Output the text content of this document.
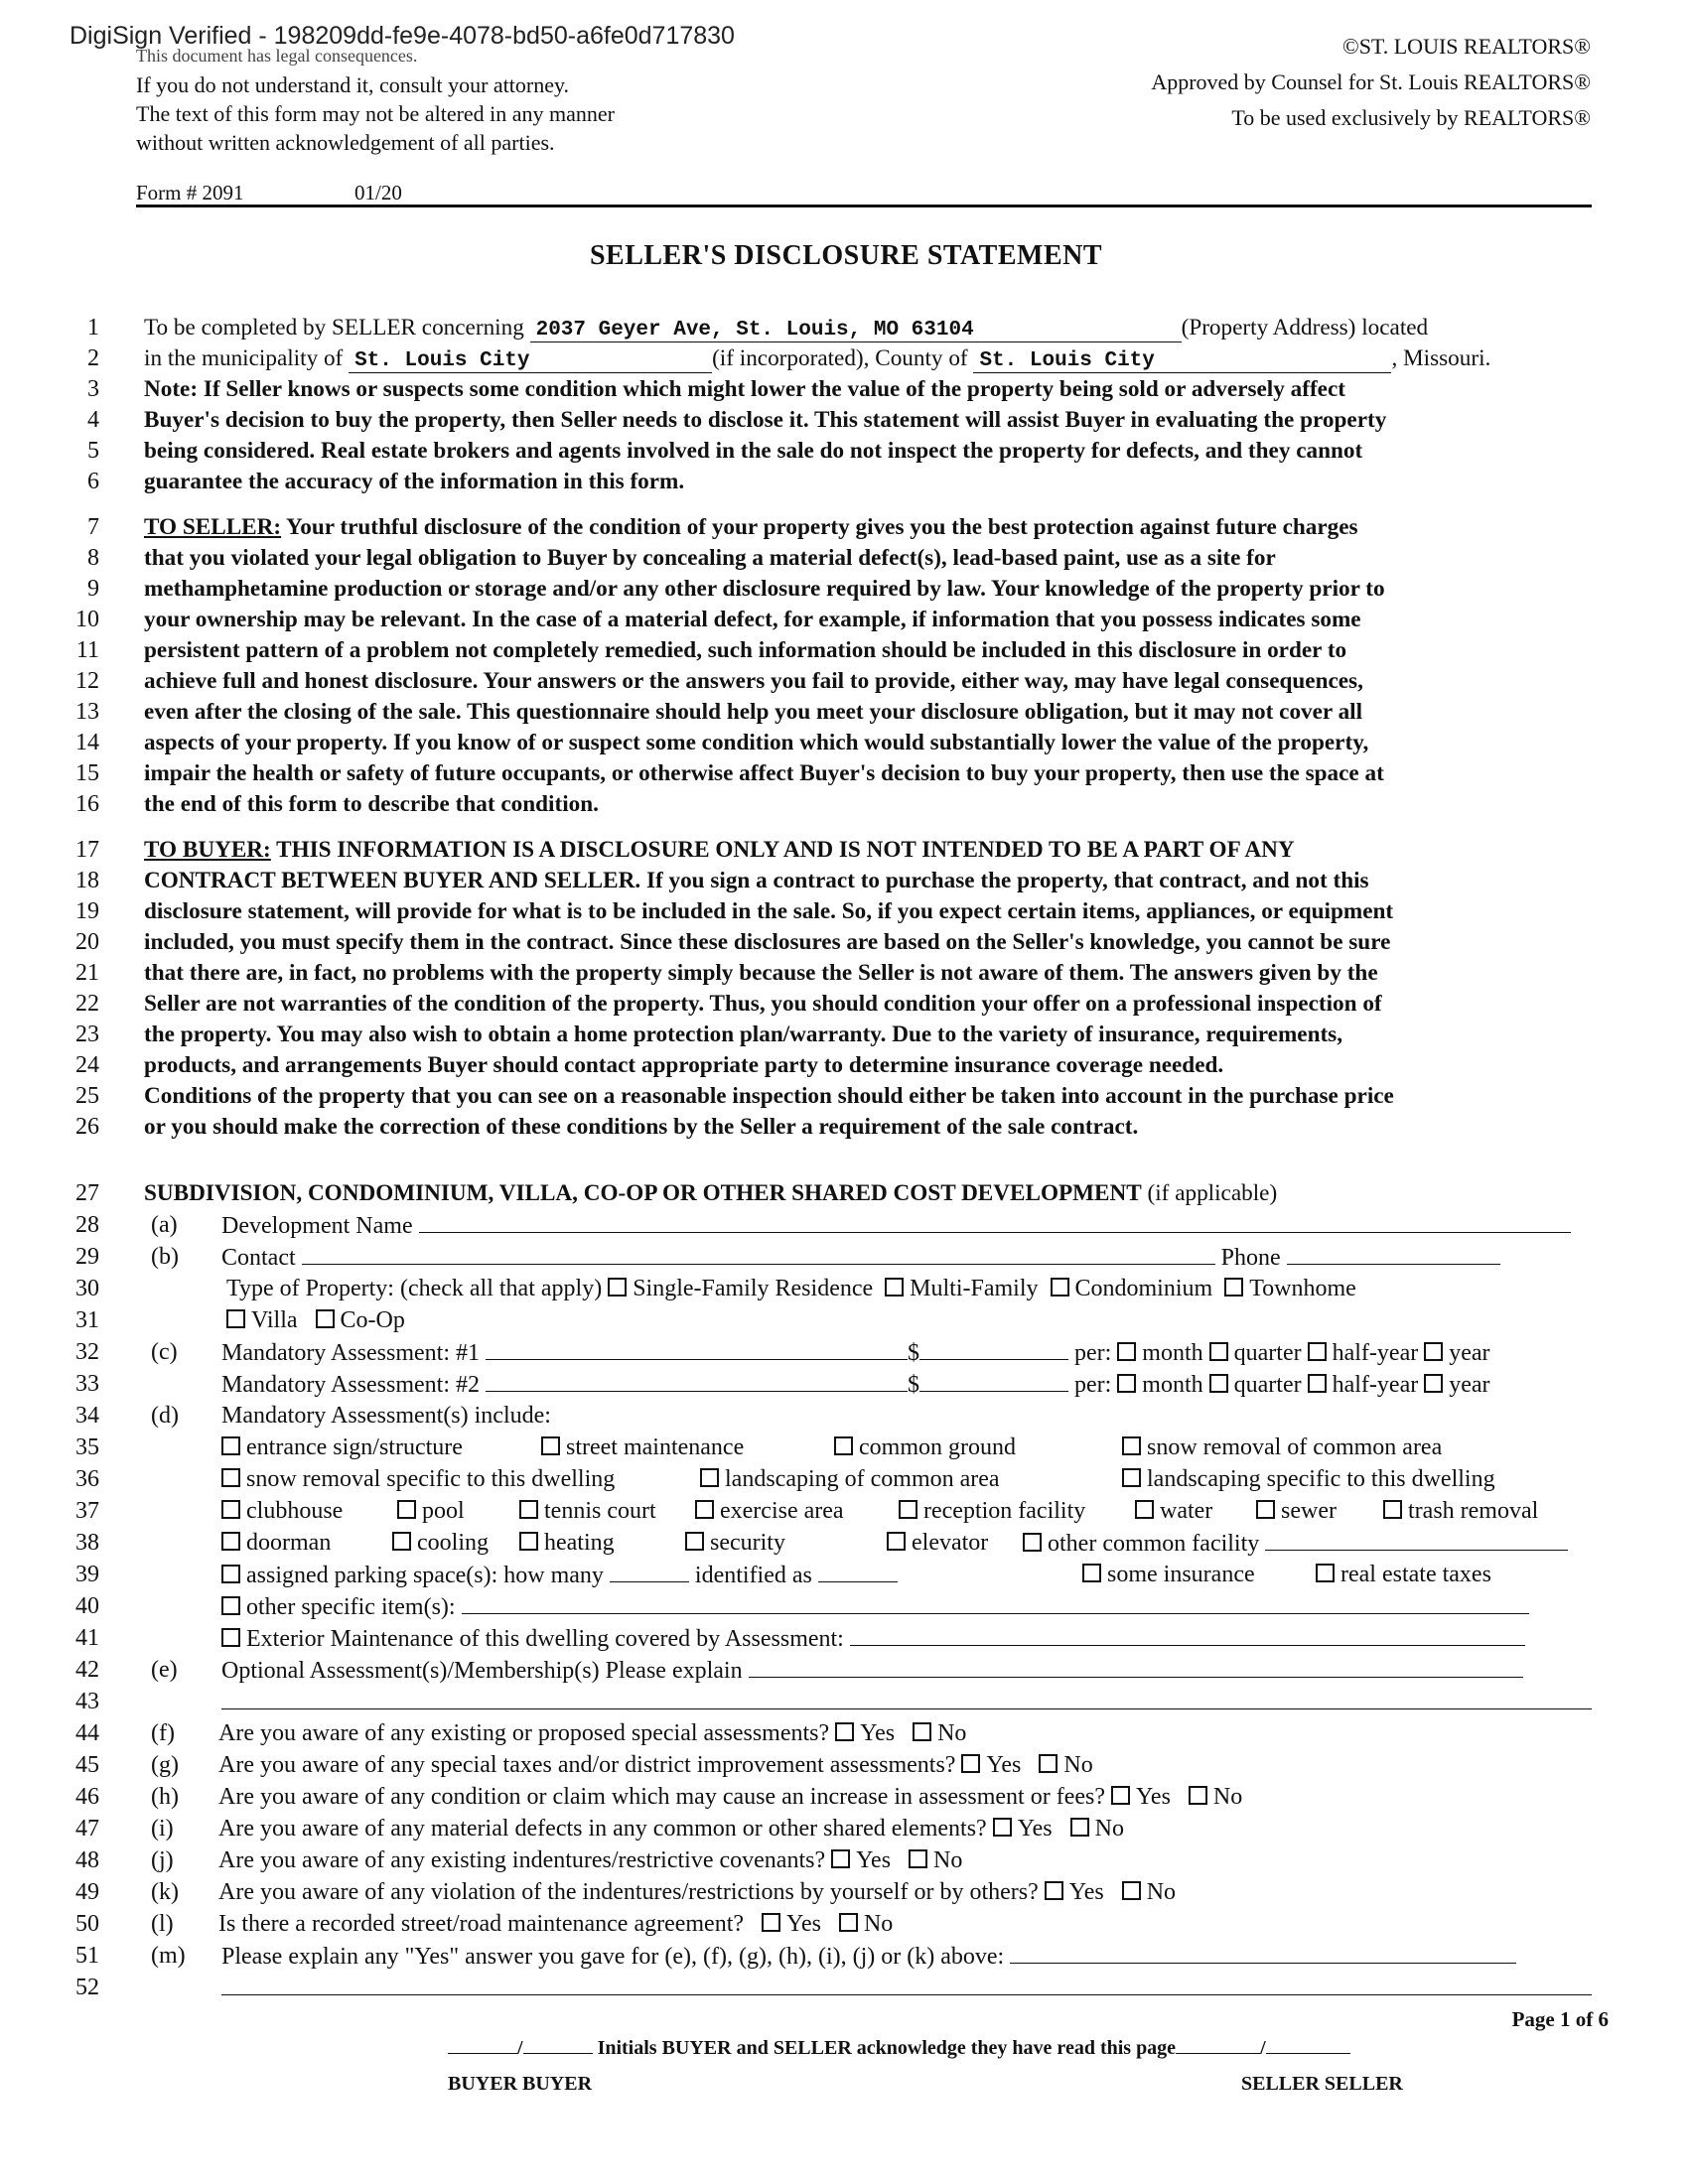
DigiSign Verified - 198209dd-fe9e-4078-bd50-a6fe0d717830
This document has legal consequences.
If you do not understand it, consult your attorney.
The text of this form may not be altered in any manner
without written acknowledgement of all parties.
©ST. LOUIS REALTORS®
Approved by Counsel for St. Louis REALTORS®
To be used exclusively by REALTORS®
Form # 2091	01/20
SELLER'S DISCLOSURE STATEMENT
1
2
3
4
5
6
7
8
9
10
11
12
13
14
15
16
17
18
19
20
21
22
23
24
25
26
27
28
29
30
31
32
33
34
35
36
37
38
39
40
41
42
43
44
45
46
47
48
49
50
51
52
To be completed by SELLER concerning 2037 Geyer Ave, St. Louis, MO 63104	(Property Address) located
in the municipality of St. Louis City	(if incorporated), County of St. Louis City	, Missouri.
Note: If Seller knows or suspects some condition which might lower the value of the property being sold or adversely affect
Buyer's decision to buy the property, then Seller needs to disclose it. This statement will assist Buyer in evaluating the property
being considered. Real estate brokers and agents involved in the sale do not inspect the property for defects, and they cannot
guarantee the accuracy of the information in this form.
TO SELLER: Your truthful disclosure of the condition of your property gives you the best protection against future charges
that you violated your legal obligation to Buyer by concealing a material defect(s), lead-based paint, use as a site for
methamphetamine production or storage and/or any other disclosure required by law. Your knowledge of the property prior to
your ownership may be relevant. In the case of a material defect, for example, if information that you possess indicates some
persistent pattern of a problem not completely remedied, such information should be included in this disclosure in order to
achieve full and honest disclosure. Your answers or the answers you fail to provide, either way, may have legal consequences,
even after the closing of the sale. This questionnaire should help you meet your disclosure obligation, but it may not cover all
aspects of your property. If you know of or suspect some condition which would substantially lower the value of the property,
impair the health or safety of future occupants, or otherwise affect Buyer's decision to buy your property, then use the space at
the end of this form to describe that condition.
TO BUYER: THIS INFORMATION IS A DISCLOSURE ONLY AND IS NOT INTENDED TO BE A PART OF ANY
CONTRACT BETWEEN BUYER AND SELLER. If you sign a contract to purchase the property, that contract, and not this
disclosure statement, will provide for what is to be included in the sale. So, if you expect certain items, appliances, or equipment
included, you must specify them in the contract. Since these disclosures are based on the Seller's knowledge, you cannot be sure
that there are, in fact, no problems with the property simply because the Seller is not aware of them. The answers given by the
Seller are not warranties of the condition of the property. Thus, you should condition your offer on a professional inspection of
the property. You may also wish to obtain a home protection plan/warranty. Due to the variety of insurance, requirements,
products, and arrangements Buyer should contact appropriate party to determine insurance coverage needed.
Conditions of the property that you can see on a reasonable inspection should either be taken into account in the purchase price
or you should make the correction of these conditions by the Seller a requirement of the sale contract.
SUBDIVISION, CONDOMINIUM, VILLA, CO-OP OR OTHER SHARED COST DEVELOPMENT (if applicable)
(a) Development Name
(b) Contact	Phone
Type of Property: (check all that apply) Single-Family Residence Multi-Family Condominium Townhome
Villa Co-Op
(c) Mandatory Assessment: #1	$	per: month quarter half-year year
Mandatory Assessment: #2	$	per: month quarter half-year year
(d) Mandatory Assessment(s) include:
entrance sign/structure	street maintenance	common ground	snow removal of common area
snow removal specific to this dwelling	landscaping of common area	landscaping specific to this dwelling
clubhouse	pool	tennis court	exercise area	reception facility	water	sewer	trash removal
doorman	cooling	heating	security	elevator	other common facility
assigned parking space(s): how many	identified as	some insurance	real estate taxes
other specific item(s):
Exterior Maintenance of this dwelling covered by Assessment:
(e) Optional Assessment(s)/Membership(s) Please explain
(f) Are you aware of any existing or proposed special assessments? Yes No
(g) Are you aware of any special taxes and/or district improvement assessments? Yes No
(h) Are you aware of any condition or claim which may cause an increase in assessment or fees? Yes No
(i) Are you aware of any material defects in any common or other shared elements? Yes No
(j) Are you aware of any existing indentures/restrictive covenants? Yes No
(k) Are you aware of any violation of the indentures/restrictions by yourself or by others? Yes No
(l) Is there a recorded street/road maintenance agreement? Yes No
(m) Please explain any "Yes" answer you gave for (e), (f), (g), (h), (i), (j) or (k) above:
Page 1 of 6
/	Initials BUYER and SELLER acknowledge they have read this page	/
BUYER BUYER	SELLER SELLER
